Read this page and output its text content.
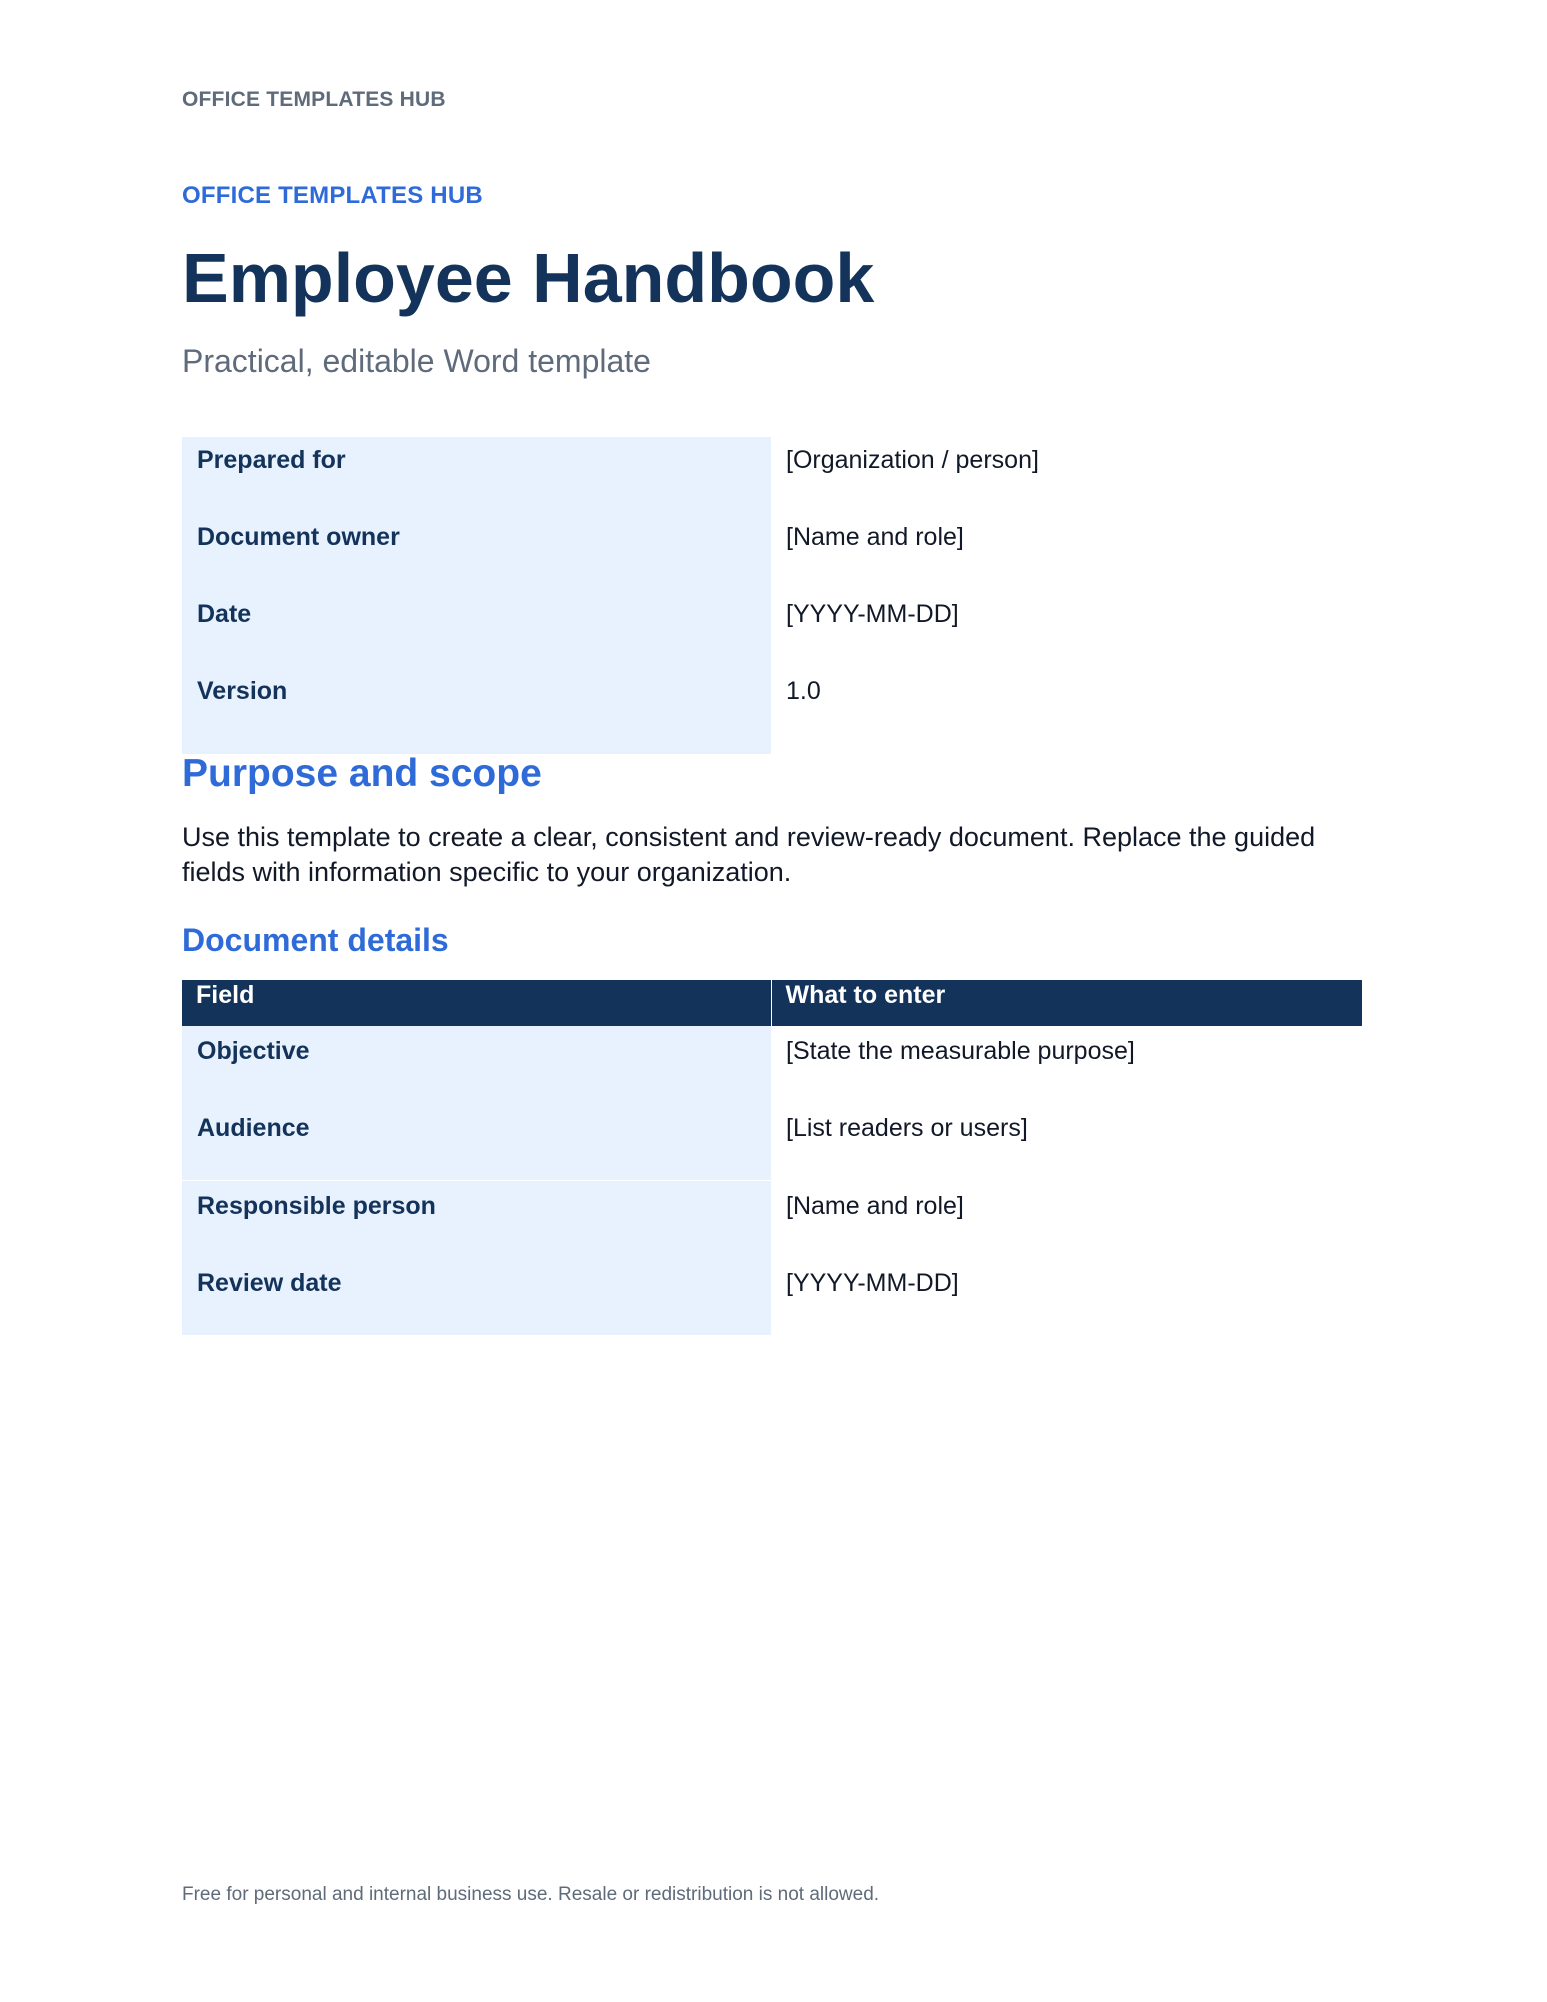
OFFICE TEMPLATES HUB
OFFICE TEMPLATES HUB
Employee Handbook
Practical, editable Word template
Prepared for	[Organization / person]
Document owner	[Name and role]
Date	[YYYY-MM-DD]
Version	1.0
Purpose and scope

Use this template to create a clear, consistent and review-ready document. Replace the guided fields with information specific to your organization.

Document details
Field	What to enter
Objective	[State the measurable purpose]
Audience	[List readers or users]
Responsible person	[Name and role]
Review date	[YYYY-MM-DD]
Free for personal and internal business use. Resale or redistribution is not allowed.
